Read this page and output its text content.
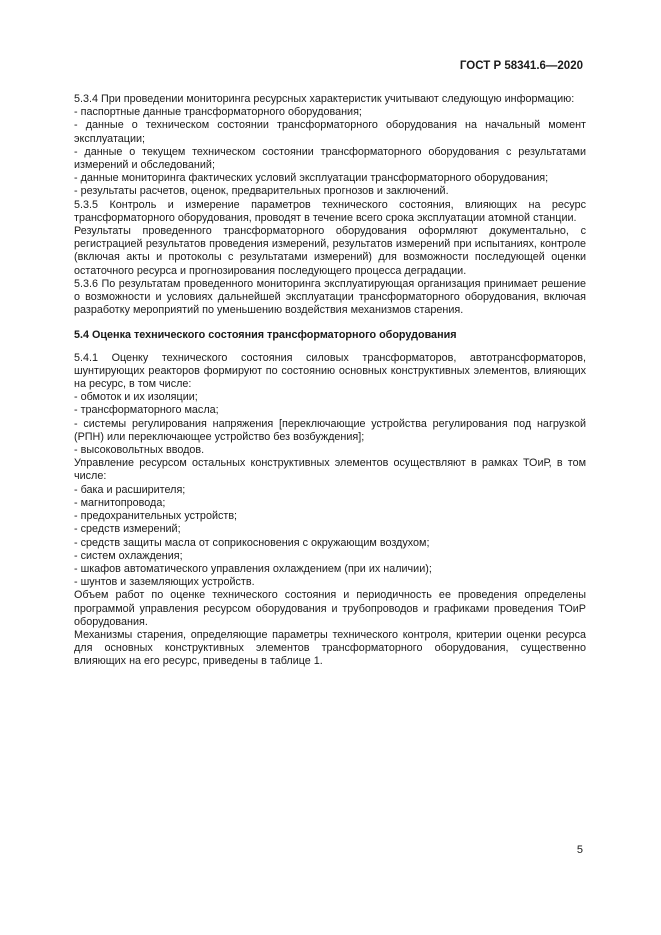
ГОСТ Р 58341.6—2020

5.3.4 При проведении мониторинга ресурсных характеристик учитывают следующую информацию:

- паспортные данные трансформаторного оборудования;

- данные о техническом состоянии трансформаторного оборудования на начальный момент эксплуатации;

- данные о текущем техническом состоянии трансформаторного оборудования с результатами измерений и обследований;

- данные мониторинга фактических условий эксплуатации трансформаторного оборудования;

- результаты расчетов, оценок, предварительных прогнозов и заключений.

5.3.5 Контроль и измерение параметров технического состояния, влияющих на ресурс трансформаторного оборудования, проводят в течение всего срока эксплуатации атомной станции.

Результаты проведенного трансформаторного оборудования оформляют документально, с регистрацией результатов проведения измерений, результатов измерений при испытаниях, контроле (включая акты и протоколы с результатами измерений) для возможности последующей оценки остаточного ресурса и прогнозирования последующего процесса деградации.

5.3.6 По результатам проведенного мониторинга эксплуатирующая организация принимает решение о возможности и условиях дальнейшей эксплуатации трансформаторного оборудования, включая разработку мероприятий по уменьшению воздействия механизмов старения.

5.4 Оценка технического состояния трансформаторного оборудования

5.4.1 Оценку технического состояния силовых трансформаторов, автотрансформаторов, шунтирующих реакторов формируют по состоянию основных конструктивных элементов, влияющих на ресурс, в том числе:

- обмоток и их изоляции;

- трансформаторного масла;

- системы регулирования напряжения [переключающие устройства регулирования под нагрузкой (РПН) или переключающее устройство без возбуждения];

- высоковольтных вводов.

Управление ресурсом остальных конструктивных элементов осуществляют в рамках ТОиР, в том числе:

- бака и расширителя;

- магнитопровода;

- предохранительных устройств;

- средств измерений;

- средств защиты масла от соприкосновения с окружающим воздухом;

- систем охлаждения;

- шкафов автоматического управления охлаждением (при их наличии);

- шунтов и заземляющих устройств.

Объем работ по оценке технического состояния и периодичность ее проведения определены программой управления ресурсом оборудования и трубопроводов и графиками проведения ТОиР оборудования.

Механизмы старения, определяющие параметры технического контроля, критерии оценки ресурса для основных конструктивных элементов трансформаторного оборудования, существенно влияющих на его ресурс, приведены в таблице 1.

5
